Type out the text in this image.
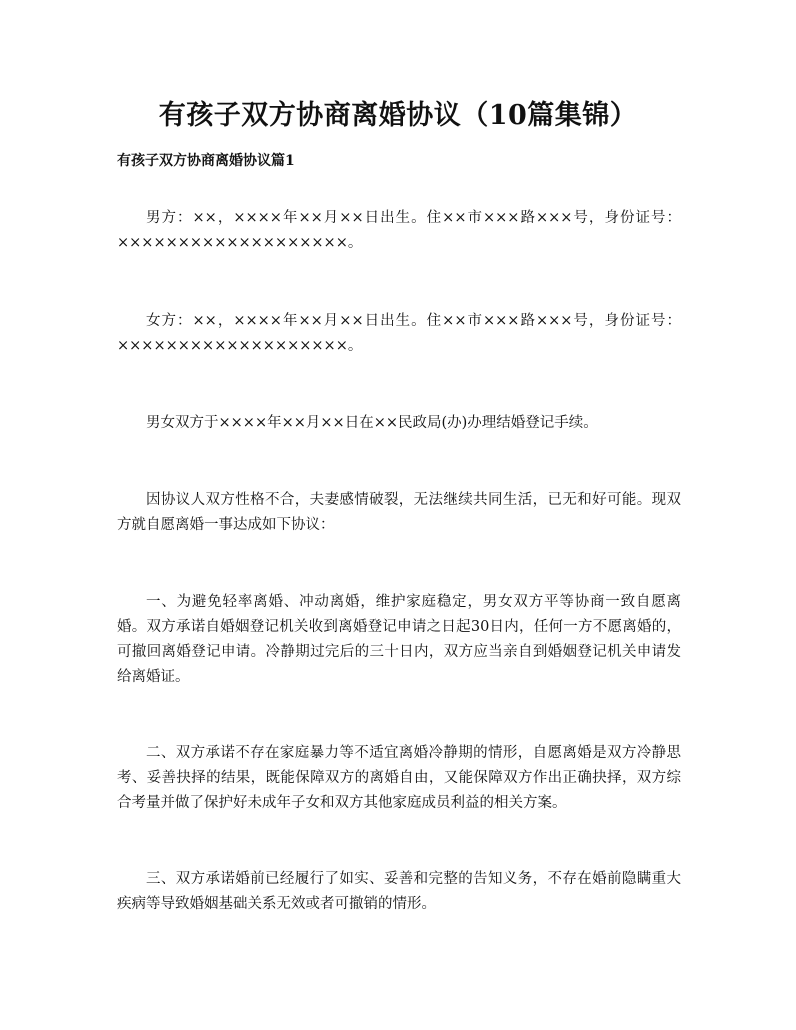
有孩子双方协商离婚协议（10篇集锦）
有孩子双方协商离婚协议篇1

男方：××，××××年××月××日出生。住××市×××路×××号，身份证号：×××××××××××××××××××。

女方：××，××××年××月××日出生。住××市×××路×××号，身份证号：×××××××××××××××××××。

男女双方于××××年××月××日在××民政局(办)办理结婚登记手续。

因协议人双方性格不合，夫妻感情破裂，无法继续共同生活，已无和好可能。现双方就自愿离婚一事达成如下协议：

一、为避免轻率离婚、冲动离婚，维护家庭稳定，男女双方平等协商一致自愿离婚。双方承诺自婚姻登记机关收到离婚登记申请之日起30日内，任何一方不愿离婚的，可撤回离婚登记申请。冷静期过完后的三十日内，双方应当亲自到婚姻登记机关申请发给离婚证。

二、双方承诺不存在家庭暴力等不适宜离婚冷静期的情形，自愿离婚是双方冷静思考、妥善抉择的结果，既能保障双方的离婚自由，又能保障双方作出正确抉择，双方综合考量并做了保护好未成年子女和双方其他家庭成员利益的相关方案。

三、双方承诺婚前已经履行了如实、妥善和完整的告知义务，不存在婚前隐瞒重大疾病等导致婚姻基础关系无效或者可撤销的情形。
